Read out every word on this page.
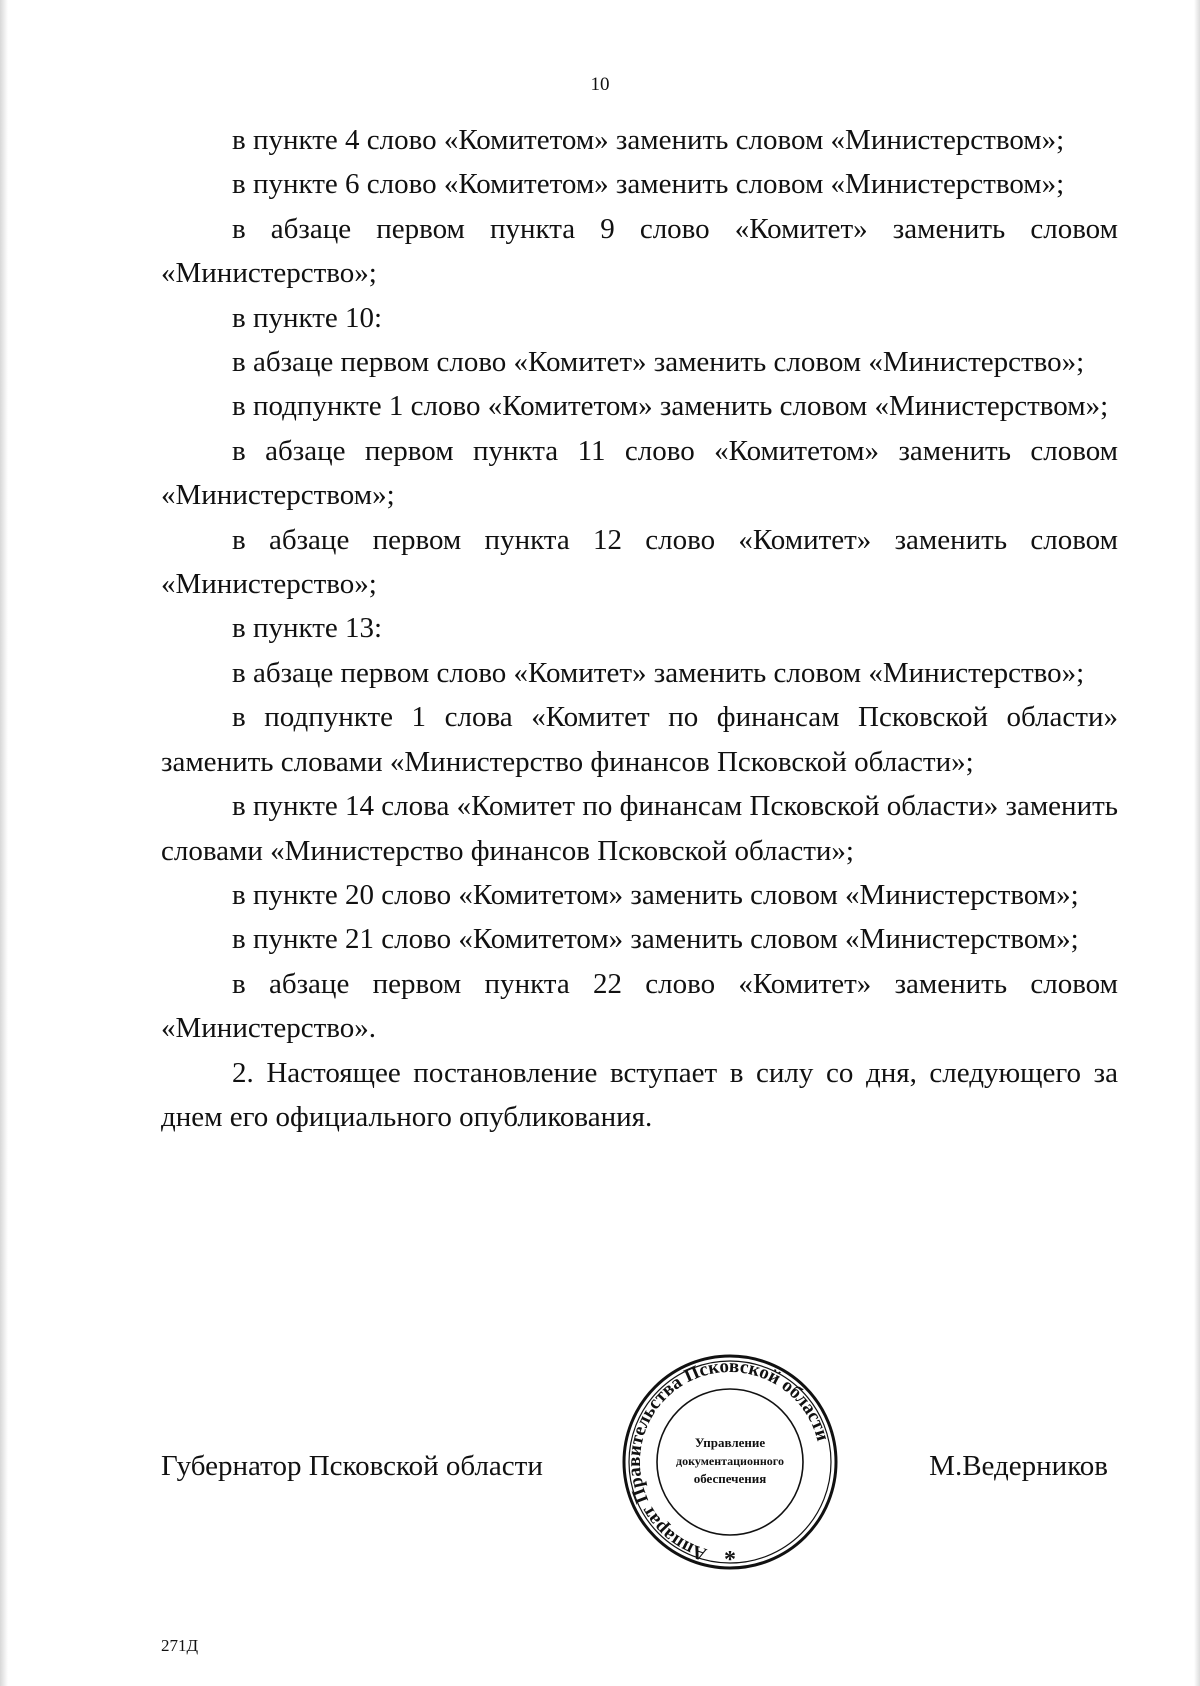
10

в пункте 4 слово «Комитетом» заменить словом «Министерством»;

в пункте 6 слово «Комитетом» заменить словом «Министерством»;

в абзаце первом пункта 9 слово «Комитет» заменить словом «Министерство»;

в пункте 10:

в абзаце первом слово «Комитет» заменить словом «Министерство»;

в подпункте 1 слово «Комитетом» заменить словом «Министерством»;

в абзаце первом пункта 11 слово «Комитетом» заменить словом «Министерством»;

в абзаце первом пункта 12 слово «Комитет» заменить словом «Министерство»;

в пункте 13:

в абзаце первом слово «Комитет» заменить словом «Министерство»;

в подпункте 1 слова «Комитет по финансам Псковской области» заменить словами «Министерство финансов Псковской области»;

в пункте 14 слова «Комитет по финансам Псковской области» заменить словами «Министерство финансов Псковской области»;

в пункте 20 слово «Комитетом» заменить словом «Министерством»;

в пункте 21 слово «Комитетом» заменить словом «Министерством»;

в абзаце первом пункта 22 слово «Комитет» заменить словом «Министерство».

2. Настоящее постановление вступает в силу со дня, следующего за днем его официального опубликования.

Губернатор Псковской области	М.Ведерников
Аппарат Правительства Псковской области
Управление
документационного
обеспечения
*
271Д
